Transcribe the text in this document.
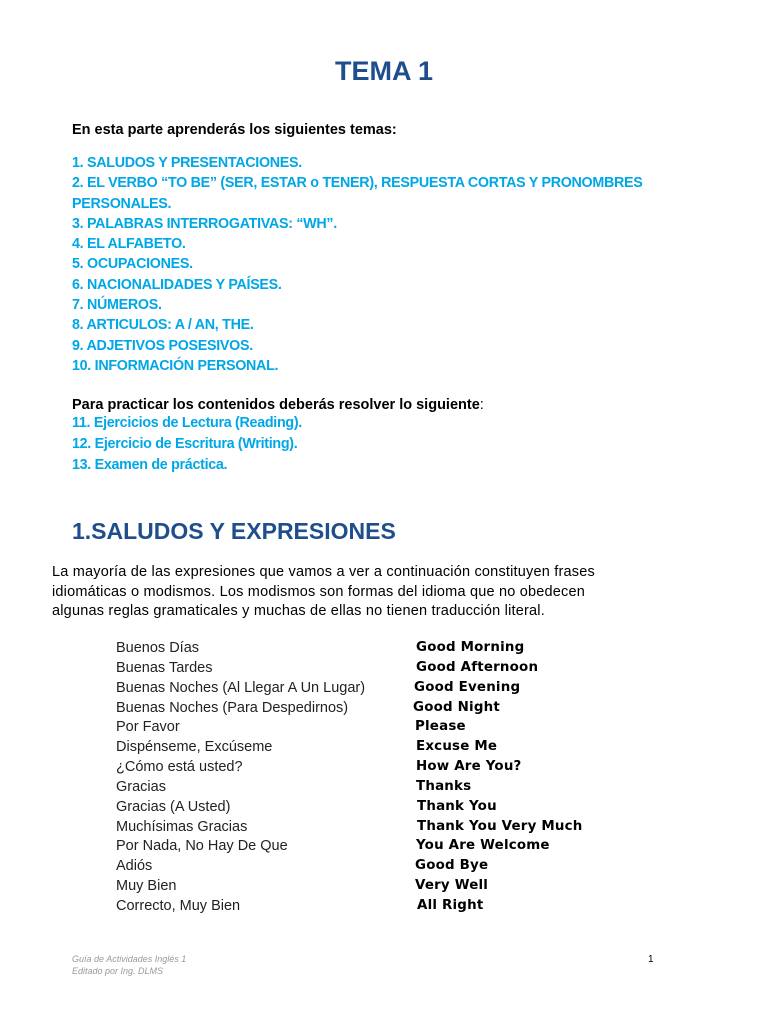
TEMA 1
En esta parte aprenderás los siguientes temas:
1. SALUDOS Y PRESENTACIONES.
2. EL VERBO “TO BE” (SER, ESTAR o TENER), RESPUESTA CORTAS Y PRONOMBRES
PERSONALES.
3. PALABRAS INTERROGATIVAS: “WH”.
4. EL ALFABETO.
5. OCUPACIONES.
6. NACIONALIDADES Y PAÍSES.
7. NÚMEROS.
8. ARTICULOS: A / AN, THE.
9. ADJETIVOS POSESIVOS.
10. INFORMACIÓN PERSONAL.
Para practicar los contenidos deberás resolver lo siguiente:
11. Ejercicios de Lectura (Reading).
12. Ejercicio de Escritura (Writing).
13. Examen de práctica.
1.SALUDOS Y EXPRESIONES
La mayoría de las expresiones que vamos a ver a continuación constituyen frases
idiomáticas o modismos. Los modismos son formas del idioma que no obedecen
algunas reglas gramaticales y muchas de ellas no tienen traducción literal.
Buenos Días	Good Morning
Buenas Tardes	Good Afternoon
Buenas Noches (Al Llegar A Un Lugar)	Good Evening
Buenas Noches (Para Despedirnos)	Good Night
Por Favor	Please
Dispénseme, Excúseme	Excuse Me
¿Cómo está usted?	How Are You?
Gracias	Thanks
Gracias (A Usted)	Thank You
Muchísimas Gracias	Thank You Very Much
Por Nada, No Hay De Que	You Are Welcome
Adiós	Good Bye
Muy Bien	Very Well
Correcto, Muy Bien	All Right
Guía de Actividades Inglés 1
Editado por Ing. DLMS
1
